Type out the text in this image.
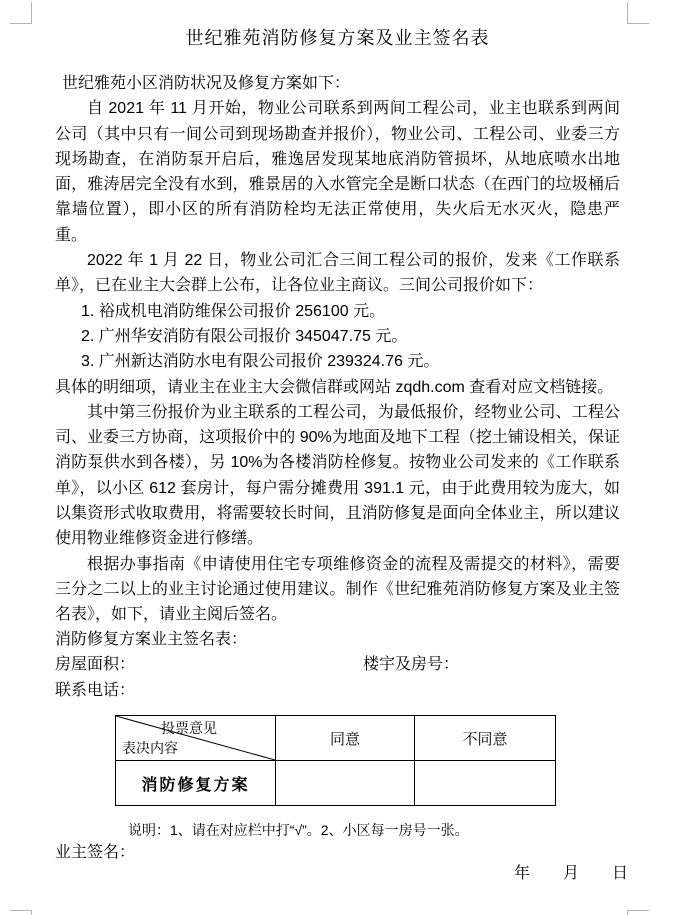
世纪雅苑消防修复方案及业主签名表
世纪雅苑小区消防状况及修复方案如下：
自 2021 年 11 月开始，物业公司联系到两间工程公司，业主也联系到两间公司（其中只有一间公司到现场勘查并报价），物业公司、工程公司、业委三方现场勘查，在消防泵开启后，雅逸居发现某地底消防管损坏，从地底喷水出地面，雅涛居完全没有水到，雅景居的入水管完全是断口状态（在西门的垃圾桶后靠墙位置），即小区的所有消防栓均无法正常使用，失火后无水灭火，隐患严重。
2022 年 1 月 22 日，物业公司汇合三间工程公司的报价，发来《工作联系单》，已在业主大会群上公布，让各位业主商议。三间公司报价如下：
1. 裕成机电消防维保公司报价 256100 元。
2. 广州华安消防有限公司报价 345047.75 元。
3. 广州新达消防水电有限公司报价 239324.76 元。
具体的明细项，请业主在业主大会微信群或网站 zqdh.com 查看对应文档链接。
其中第三份报价为业主联系的工程公司，为最低报价，经物业公司、工程公司、业委三方协商，这项报价中的 90%为地面及地下工程（挖土铺设相关，保证消防泵供水到各楼），另 10%为各楼消防栓修复。按物业公司发来的《工作联系单》，以小区 612 套房计，每户需分摊费用 391.1 元，由于此费用较为庞大，如以集资形式收取费用，将需要较长时间，且消防修复是面向全体业主，所以建议使用物业维修资金进行修缮。
根据办事指南《申请使用住宅专项维修资金的流程及需提交的材料》，需要三分之二以上的业主讨论通过使用建议。制作《世纪雅苑消防修复方案及业主签名表》，如下，请业主阅后签名。
消防修复方案业主签名表：
房屋面积：	楼宇及房号：
联系电话：
投票意见
表决内容	同意	不同意
消防修复方案		
说明：1、请在对应栏中打“√”。2、小区每一房号一张。
业主签名：
年 月 日
